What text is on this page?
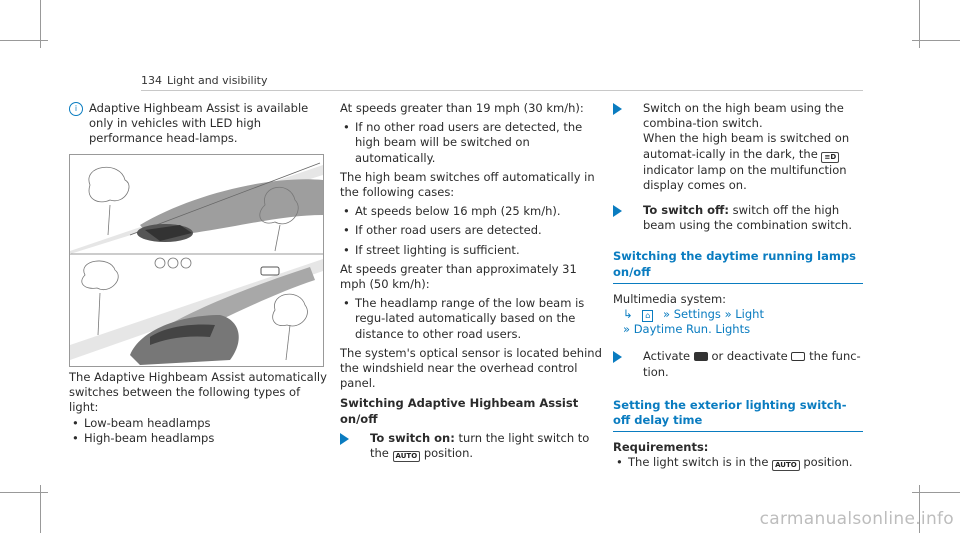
134 Light and visibility

i	Adaptive Highbeam Assist is available only in vehicles with LED high performance head-lamps.

The Adaptive Highbeam Assist automatically switches between the following types of light:

• Low-beam headlamps

• High-beam headlamps

At speeds greater than 19 mph (30 km/h):

• If no other road users are detected, the high beam will be switched on automatically.

The high beam switches off automatically in the following cases:

• At speeds below 16 mph (25 km/h).

• If other road users are detected.

• If street lighting is sufficient.

At speeds greater than approximately 31 mph (50 km/h):

• The headlamp range of the low beam is regu-lated automatically based on the distance to other road users.

The system's optical sensor is located behind the windshield near the overhead control panel.

Switching Adaptive Highbeam Assist on/off

To switch on: turn the light switch to the AUTO position.

Switch on the high beam using the combina-tion switch.
When the high beam is switched on automat-ically in the dark, the ≡D indicator lamp on the multifunction display comes on.

To switch off: switch off the high beam using the combination switch.

Switching the daytime running lamps on/off

Multimedia system:

↳ ⌂ » Settings » Light

» Daytime Run. Lights

Activate or deactivate the func-tion.

Setting the exterior lighting switch-off delay time

Requirements:

• The light switch is in the AUTO position.

carmanualsonline.info
